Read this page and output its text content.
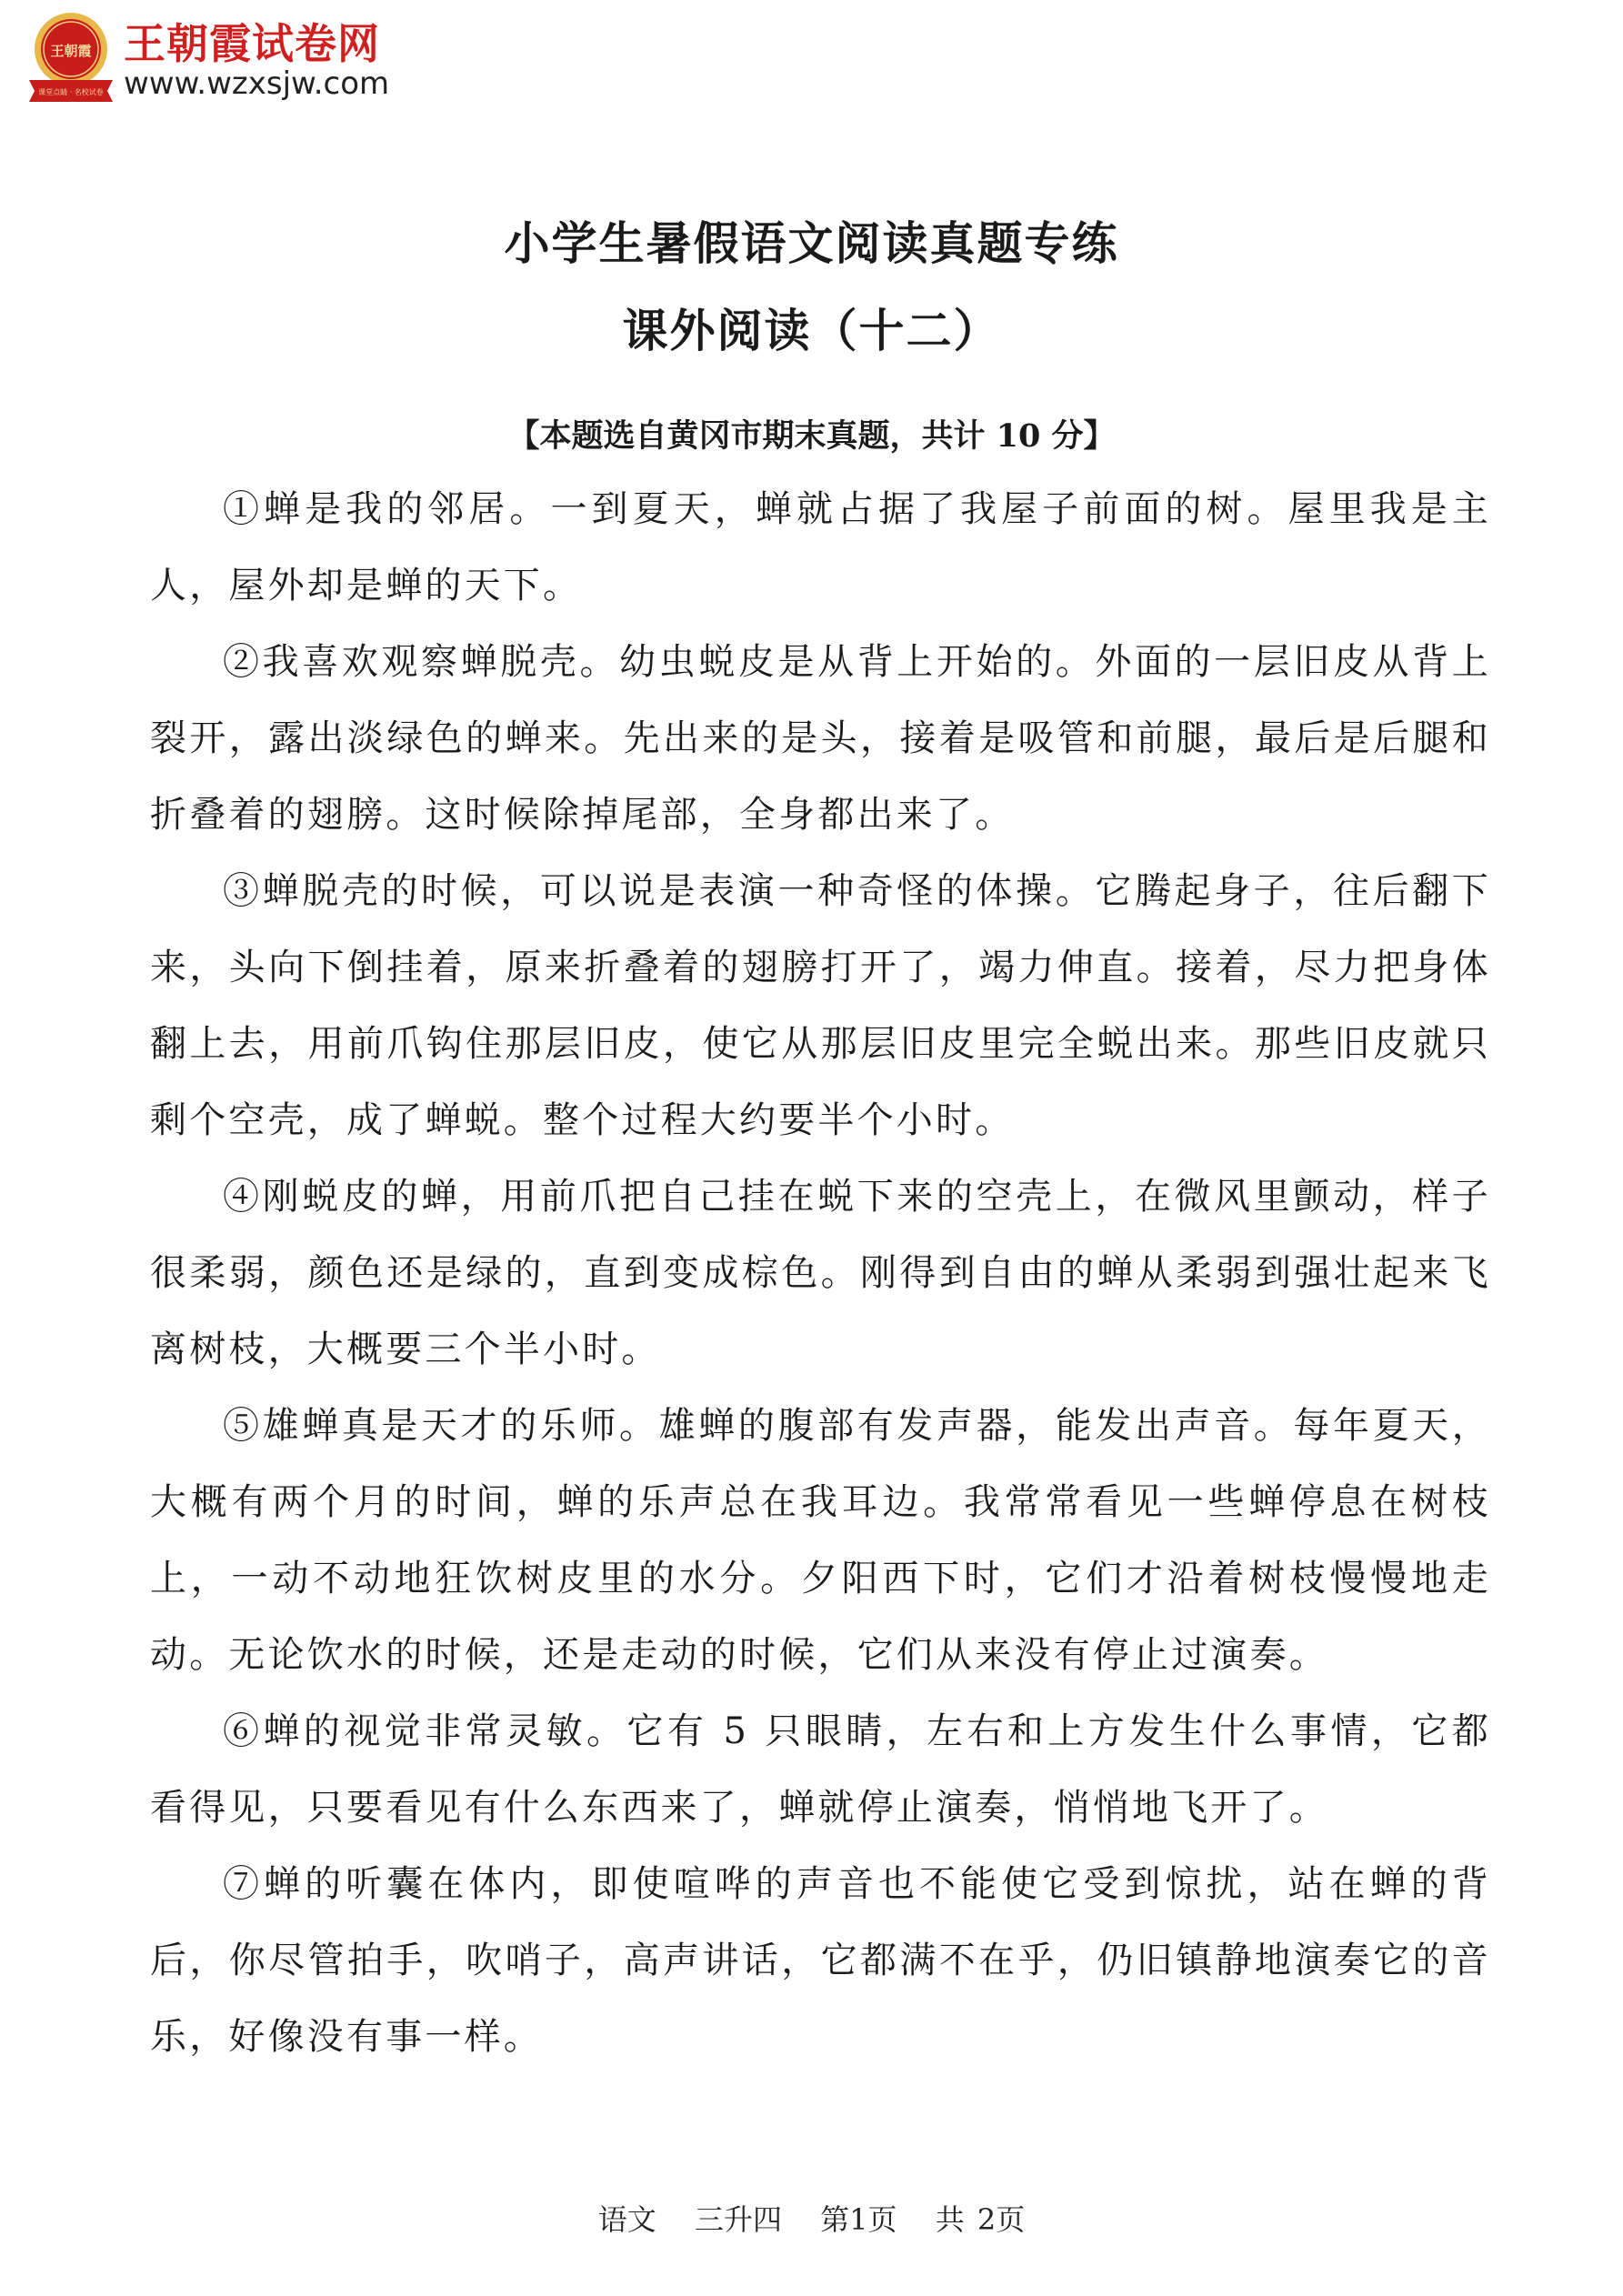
王朝霞
课堂点睛 · 名校试卷
王朝霞试卷网
www.wzxsjw.com
小学生暑假语文阅读真题专练
课外阅读（十二）
【本题选自黄冈市期末真题，共计 10 分】

①蝉是我的邻居。一到夏天，蝉就占据了我屋子前面的树。屋里我是主人，屋外却是蝉的天下。

②我喜欢观察蝉脱壳。幼虫蜕皮是从背上开始的。外面的一层旧皮从背上裂开，露出淡绿色的蝉来。先出来的是头，接着是吸管和前腿，最后是后腿和折叠着的翅膀。这时候除掉尾部，全身都出来了。

③蝉脱壳的时候，可以说是表演一种奇怪的体操。它腾起身子，往后翻下来，头向下倒挂着，原来折叠着的翅膀打开了，竭力伸直。接着，尽力把身体翻上去，用前爪钩住那层旧皮，使它从那层旧皮里完全蜕出来。那些旧皮就只剩个空壳，成了蝉蜕。整个过程大约要半个小时。

④刚蜕皮的蝉，用前爪把自己挂在蜕下来的空壳上，在微风里颤动，样子很柔弱，颜色还是绿的，直到变成棕色。刚得到自由的蝉从柔弱到强壮起来飞离树枝，大概要三个半小时。

⑤雄蝉真是天才的乐师。雄蝉的腹部有发声器，能发出声音。每年夏天，大概有两个月的时间，蝉的乐声总在我耳边。我常常看见一些蝉停息在树枝上，一动不动地狂饮树皮里的水分。夕阳西下时，它们才沿着树枝慢慢地走动。无论饮水的时候，还是走动的时候，它们从来没有停止过演奏。

⑥蝉的视觉非常灵敏。它有 5 只眼睛，左右和上方发生什么事情，它都看得见，只要看见有什么东西来了，蝉就停止演奏，悄悄地飞开了。

⑦蝉的听囊在体内，即使喧哗的声音也不能使它受到惊扰，站在蝉的背后，你尽管拍手，吹哨子，高声讲话，它都满不在乎，仍旧镇静地演奏它的音乐，好像没有事一样。

语文 三升四 第1页 共 2页
